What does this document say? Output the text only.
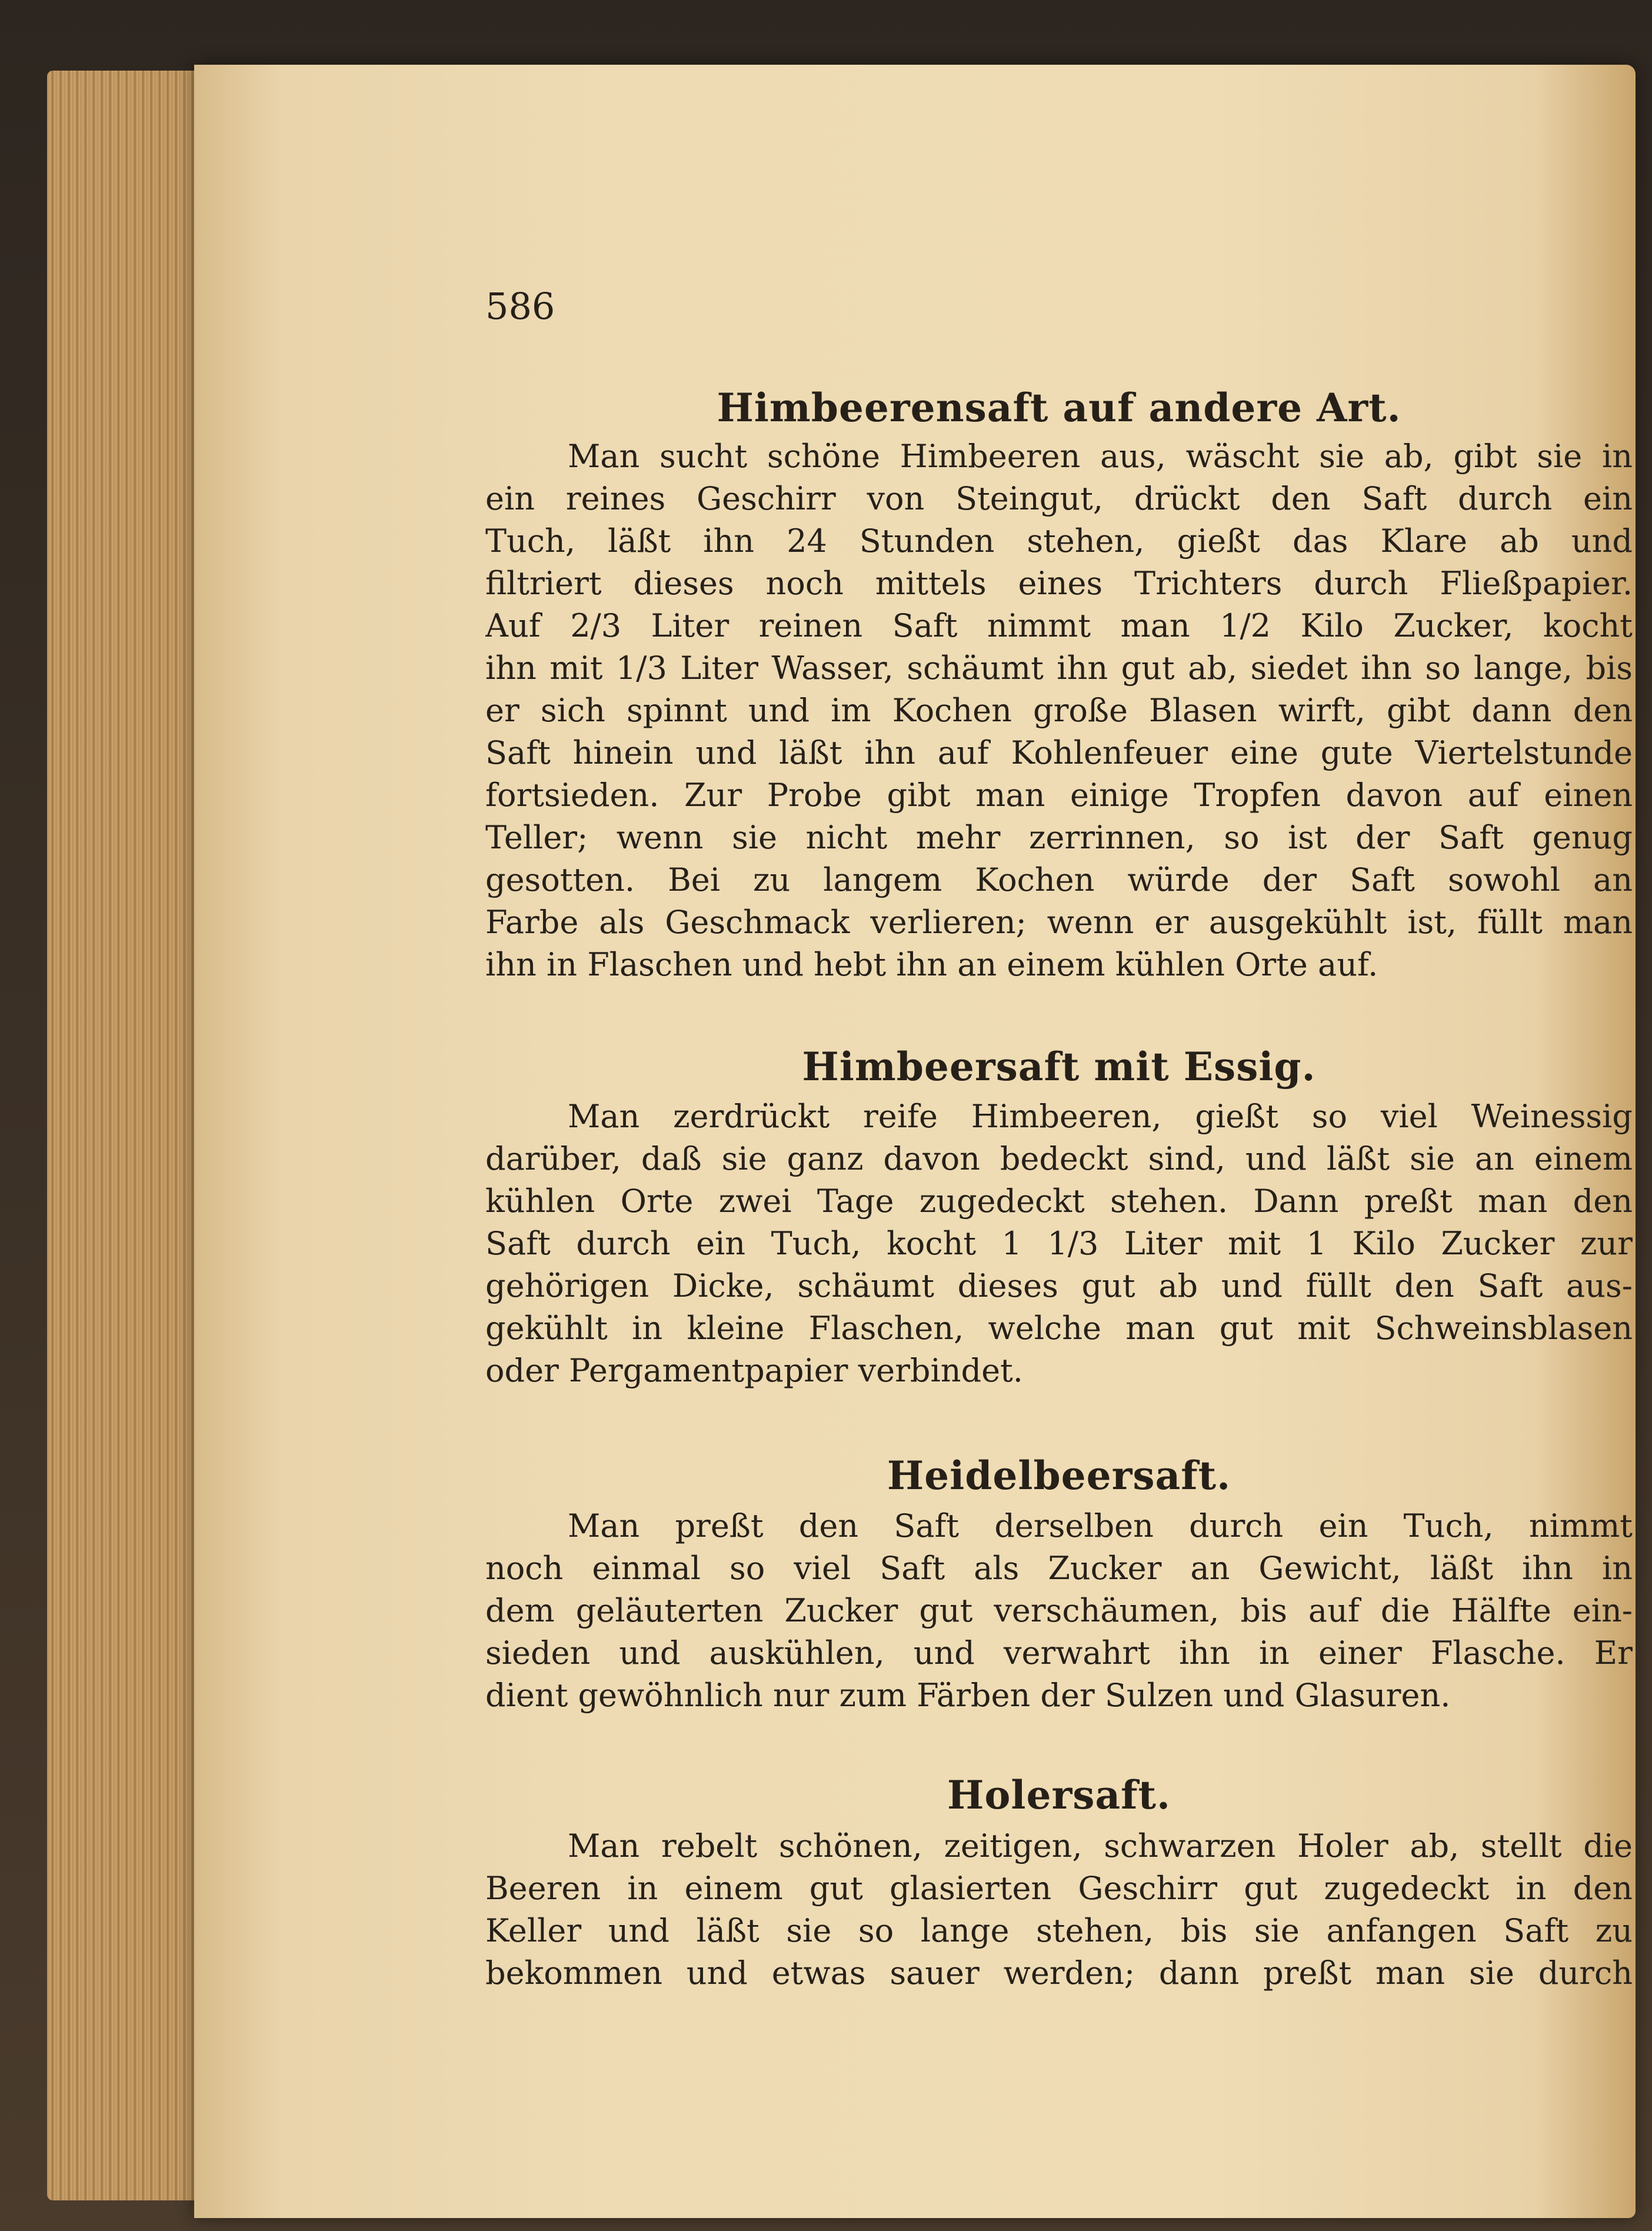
586

Himbeerensaft auf andere Art.
Man sucht schöne Himbeeren aus, wäscht sie ab, gibt sie in
ein reines Geschirr von Steingut, drückt den Saft durch ein
Tuch, läßt ihn 24 Stunden stehen, gießt das Klare ab und
filtriert dieses noch mittels eines Trichters durch Fließpapier.
Auf 2/3 Liter reinen Saft nimmt man 1/2 Kilo Zucker, kocht
ihn mit 1/3 Liter Wasser, schäumt ihn gut ab, siedet ihn so lange, bis
er sich spinnt und im Kochen große Blasen wirft, gibt dann den
Saft hinein und läßt ihn auf Kohlenfeuer eine gute Viertelstunde
fortsieden. Zur Probe gibt man einige Tropfen davon auf einen
Teller; wenn sie nicht mehr zerrinnen, so ist der Saft genug
gesotten. Bei zu langem Kochen würde der Saft sowohl an
Farbe als Geschmack verlieren; wenn er ausgekühlt ist, füllt man
ihn in Flaschen und hebt ihn an einem kühlen Orte auf.
Himbeersaft mit Essig.
Man zerdrückt reife Himbeeren, gießt so viel Weinessig
darüber, daß sie ganz davon bedeckt sind, und läßt sie an einem
kühlen Orte zwei Tage zugedeckt stehen. Dann preßt man den
Saft durch ein Tuch, kocht 1 1/3 Liter mit 1 Kilo Zucker zur
gehörigen Dicke, schäumt dieses gut ab und füllt den Saft aus-
gekühlt in kleine Flaschen, welche man gut mit Schweinsblasen
oder Pergamentpapier verbindet.
Heidelbeersaft.
Man preßt den Saft derselben durch ein Tuch, nimmt
noch einmal so viel Saft als Zucker an Gewicht, läßt ihn in
dem geläuterten Zucker gut verschäumen, bis auf die Hälfte ein-
sieden und auskühlen, und verwahrt ihn in einer Flasche. Er
dient gewöhnlich nur zum Färben der Sulzen und Glasuren.
Holersaft.
Man rebelt schönen, zeitigen, schwarzen Holer ab, stellt die
Beeren in einem gut glasierten Geschirr gut zugedeckt in den
Keller und läßt sie so lange stehen, bis sie anfangen Saft zu
bekommen und etwas sauer werden; dann preßt man sie durch
